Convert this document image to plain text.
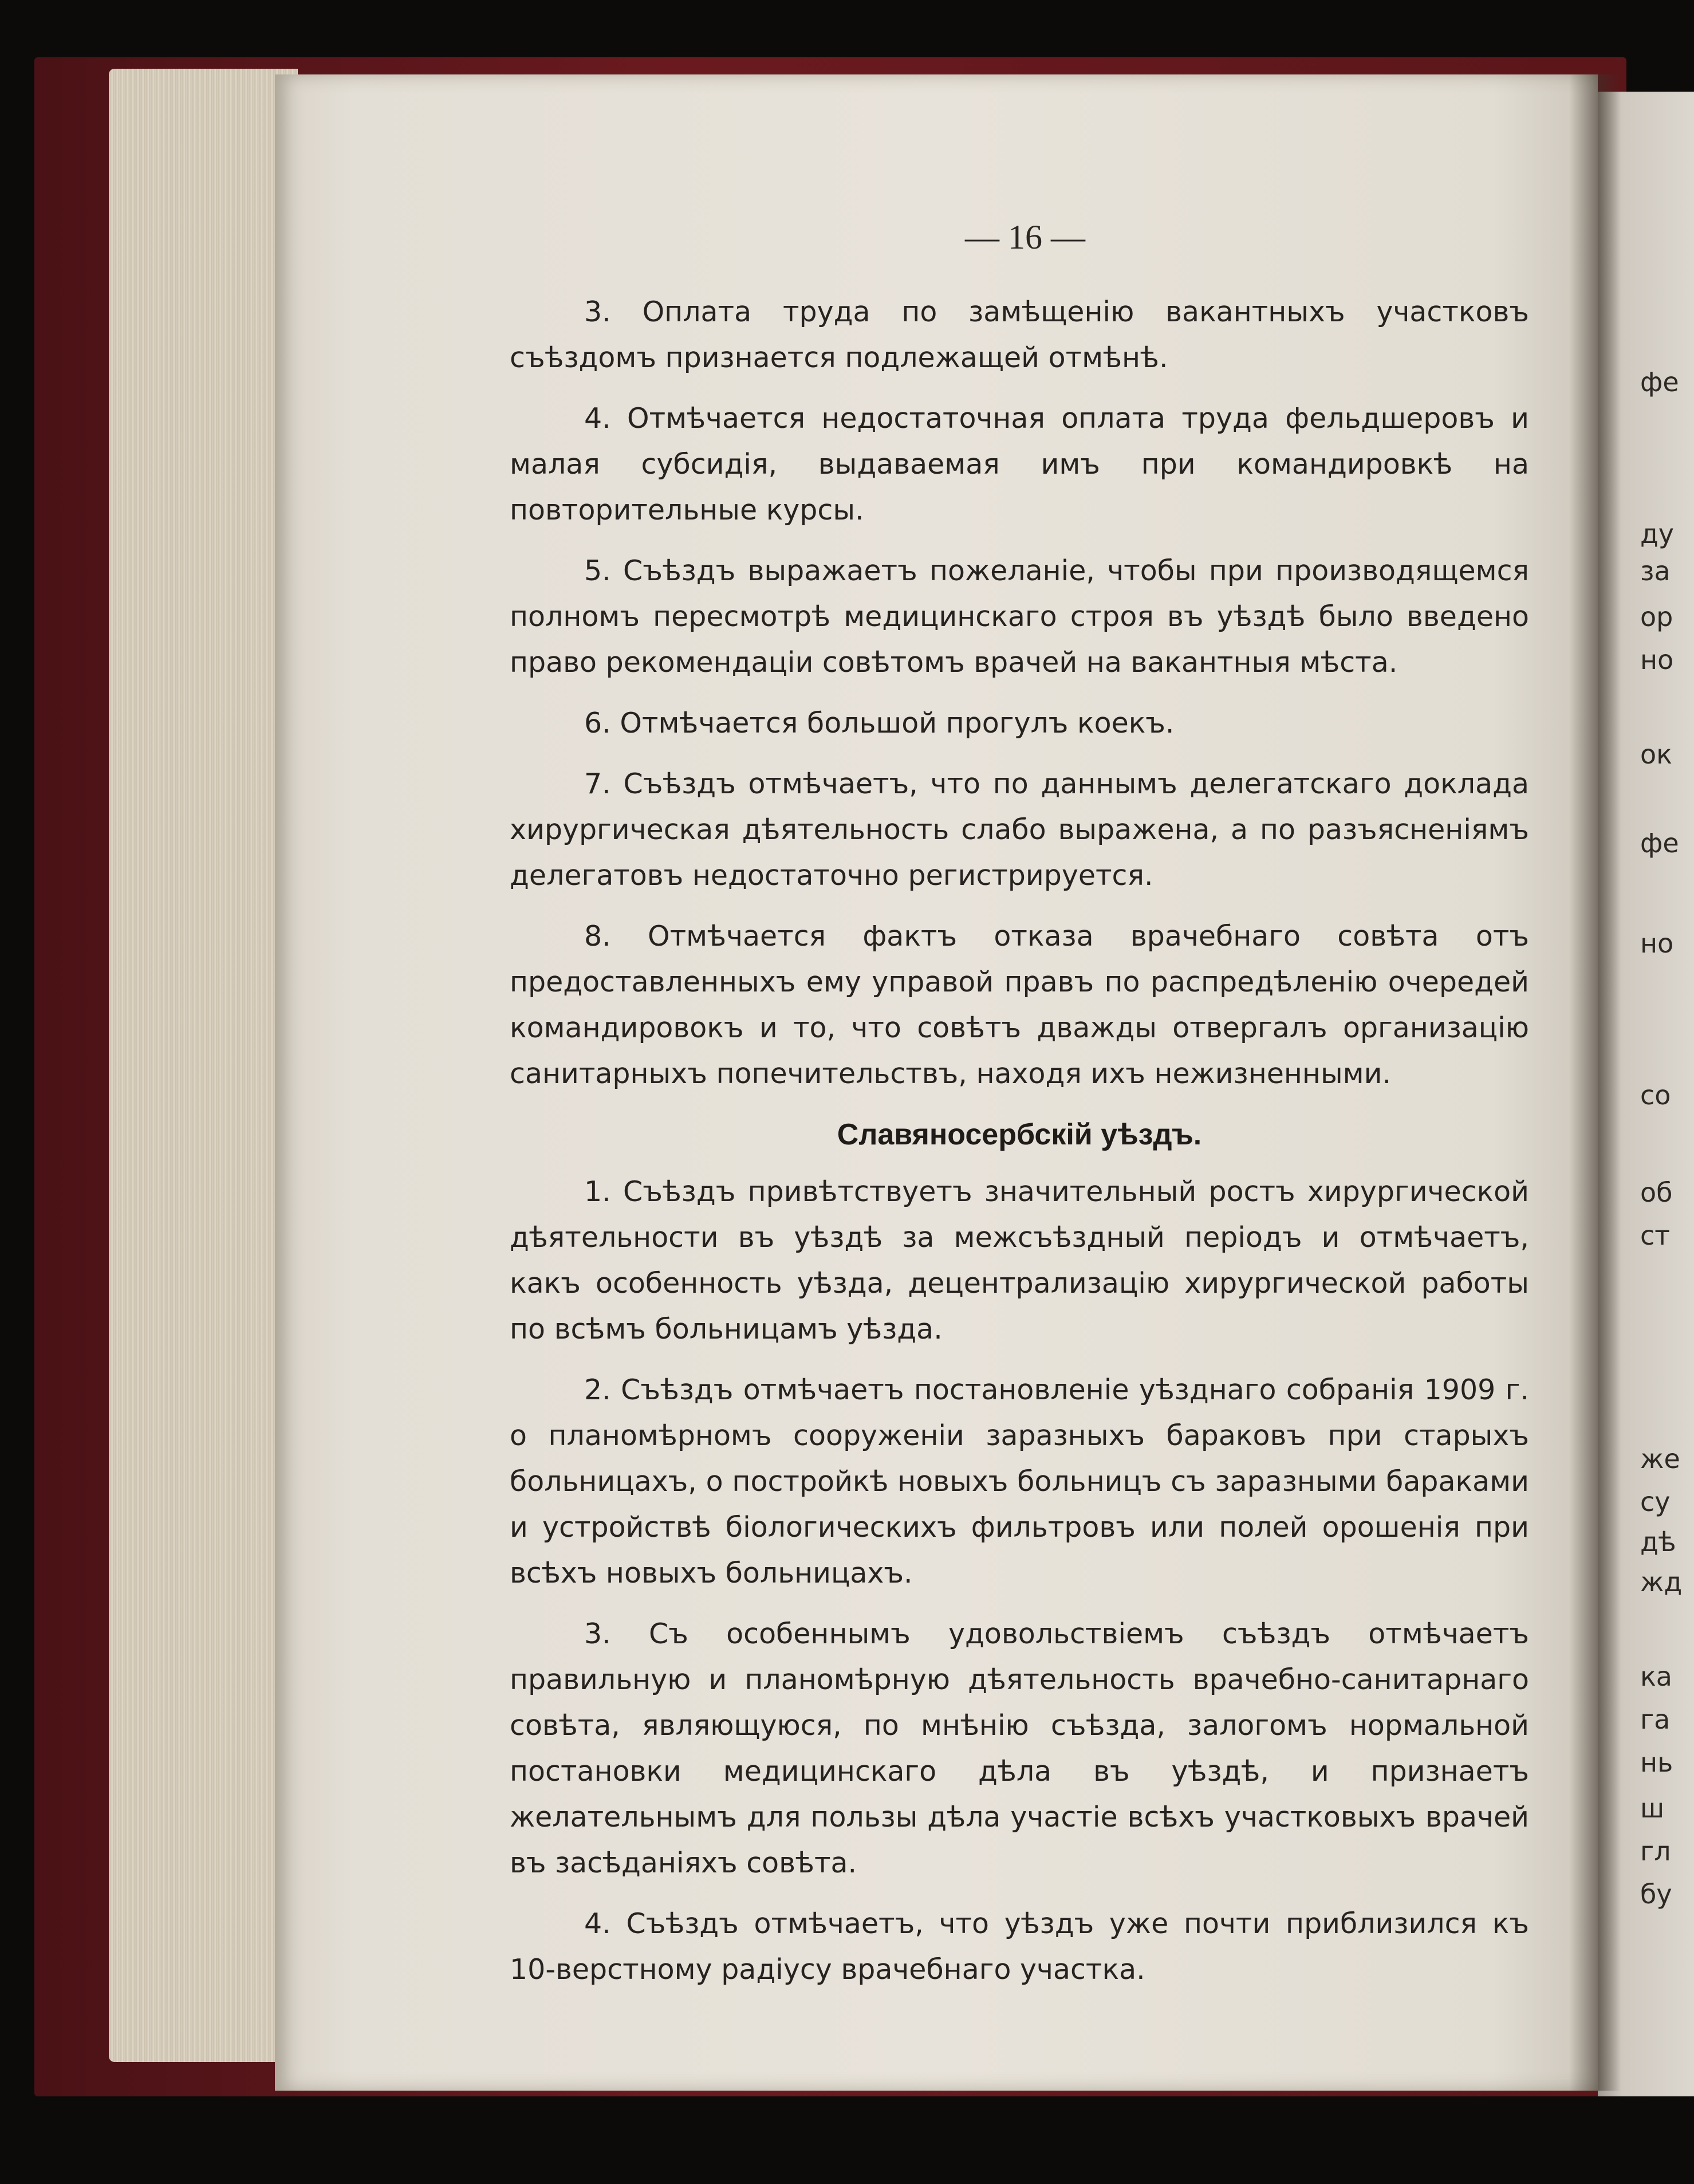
— 16 —

3. Оплата труда по замѣщенію вакантныхъ участковъ съѣздомъ признается подлежащей отмѣнѣ.

4. Отмѣчается недостаточная оплата труда фельдшеровъ и малая субсидія, выдаваемая имъ при командировкѣ на повторительные курсы.

5. Съѣздъ выражаетъ пожеланіе, чтобы при производящемся полномъ пересмотрѣ медицинскаго строя въ уѣздѣ было введено право рекомендаціи совѣтомъ врачей на вакантныя мѣста.

6. Отмѣчается большой прогулъ коекъ.

7. Съѣздъ отмѣчаетъ, что по даннымъ делегатскаго доклада хирургическая дѣятельность слабо выражена, а по разъясненіямъ делегатовъ недостаточно регистрируется.

8. Отмѣчается фактъ отказа врачебнаго совѣта отъ предоставленныхъ ему управой правъ по распредѣленію очередей командировокъ и то, что совѣтъ дважды отвергалъ организацію санитарныхъ попечительствъ, находя ихъ нежизненными.

Славяносербскій уѣздъ.

1. Съѣздъ привѣтствуетъ значительный ростъ хирургической дѣятельности въ уѣздѣ за межсъѣздный періодъ и отмѣчаетъ, какъ особенность уѣзда, децентрализацію хирургической работы по всѣмъ больницамъ уѣзда.

2. Съѣздъ отмѣчаетъ постановленіе уѣзднаго собранія 1909 г. о планомѣрномъ сооруженіи заразныхъ бараковъ при старыхъ больницахъ, о постройкѣ новыхъ больницъ съ заразными бараками и устройствѣ біологическихъ фильтровъ или полей орошенія при всѣхъ новыхъ больницахъ.

3. Съ особеннымъ удовольствіемъ съѣздъ отмѣчаетъ правильную и планомѣрную дѣятельность врачебно-санитарнаго совѣта, являющуюся, по мнѣнію съѣзда, залогомъ нормальной постановки медицинскаго дѣла въ уѣздѣ, и признаетъ желательнымъ для пользы дѣла участіе всѣхъ участковыхъ врачей въ засѣданіяхъ совѣта.

4. Съѣздъ отмѣчаетъ, что уѣздъ уже почти приблизился къ 10-верстному радіусу врачебнаго участка.

фе
ду
за
ор
но
ок
фе
но
со
об
ст
же
су
дѣ
жд
ка
га
нь
ш
гл
бу
